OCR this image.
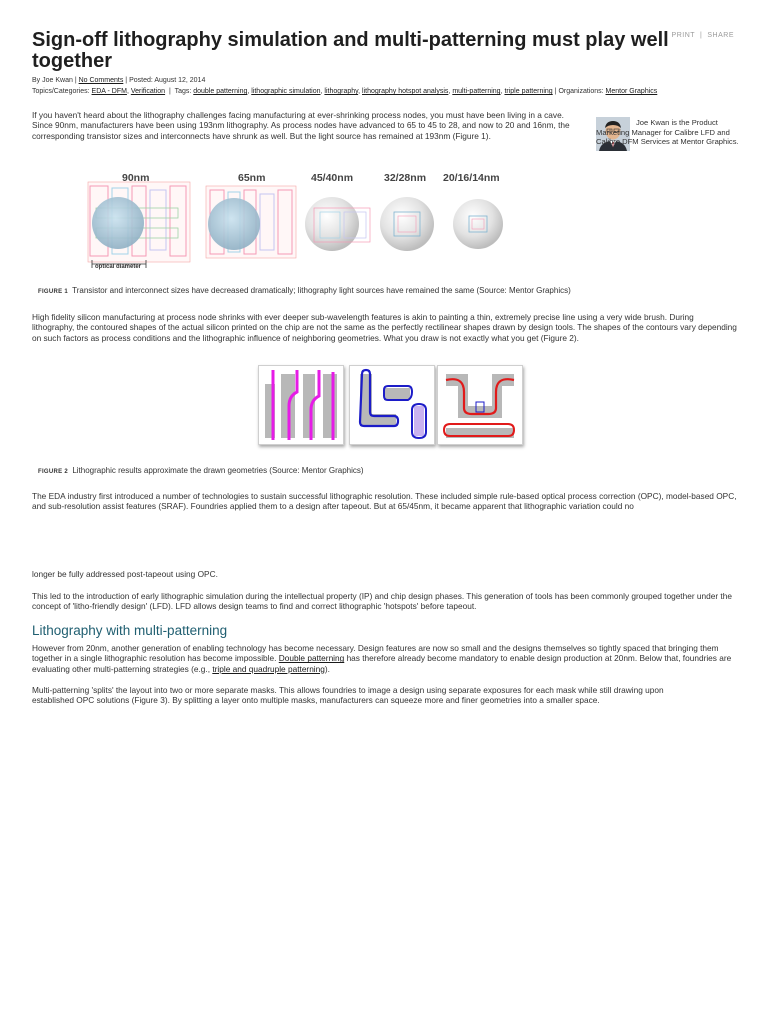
Sign-off lithography simulation and multi-patterning must play well together
PRINT | SHARE
By Joe Kwan | No Comments | Posted: August 12, 2014
Topics/Categories: EDA - DFM, Verification  |  Tags: double patterning, lithographic simulation, lithography, lithography hotspot analysis, multi-patterning, triple patterning | Organizations: Mentor Graphics

If you haven't heard about the lithography challenges facing manufacturing at ever-shrinking process nodes, you must have been living in a cave. Since 90nm, manufacturers have been using 193nm lithography. As process nodes have advanced to 65 to 45 to 28, and now to 20 and 16nm, the corresponding transistor sizes and interconnects have shrunk as well. But the light source has remained at 193nm (Figure 1).

Joe Kwan is the Product Marketing Manager for Calibre LFD and Calibre DFM Services at Mentor Graphics.

90nm	65nm	45/40nm	32/28nm 20/16/14nm
optical diameter
FIGURE 1 Transistor and interconnect sizes have decreased dramatically; lithography light sources have remained the same (Source: Mentor Graphics)

High fidelity silicon manufacturing at process node shrinks with ever deeper sub-wavelength features is akin to painting a thin, extremely precise line using a very wide brush. During lithography, the contoured shapes of the actual silicon printed on the chip are not the same as the perfectly rectilinear shapes drawn by design tools. The shapes of the contours vary depending on such factors as process conditions and the lithographic influence of neighboring geometries. What you draw is not exactly what you get (Figure 2).

FIGURE 2 Lithographic results approximate the drawn geometries (Source: Mentor Graphics)

The EDA industry first introduced a number of technologies to sustain successful lithographic resolution. These included simple rule-based optical process correction (OPC), model-based OPC, and sub-resolution assist features (SRAF). Foundries applied them to a design after tapeout. But at 65/45nm, it became apparent that lithographic variation could no

longer be fully addressed post-tapeout using OPC.

This led to the introduction of early lithographic simulation during the intellectual property (IP) and chip design phases. This generation of tools has been commonly grouped together under the concept of 'litho-friendly design' (LFD). LFD allows design teams to find and correct lithographic 'hotspots' before tapeout.

Lithography with multi-patterning

However from 20nm, another generation of enabling technology has become necessary. Design features are now so small and the designs themselves so tightly spaced that bringing them together in a single lithographic resolution has become impossible. Double patterning has therefore already become mandatory to enable design production at 20nm. Below that, foundries are evaluating other multi-patterning strategies (e.g., triple and quadruple patterning).

Multi-patterning 'splits' the layout into two or more separate masks. This allows foundries to image a design using separate exposures for each mask while still drawing upon established OPC solutions (Figure 3). By splitting a layer onto multiple masks, manufacturers can squeeze more and finer geometries into a smaller space.
